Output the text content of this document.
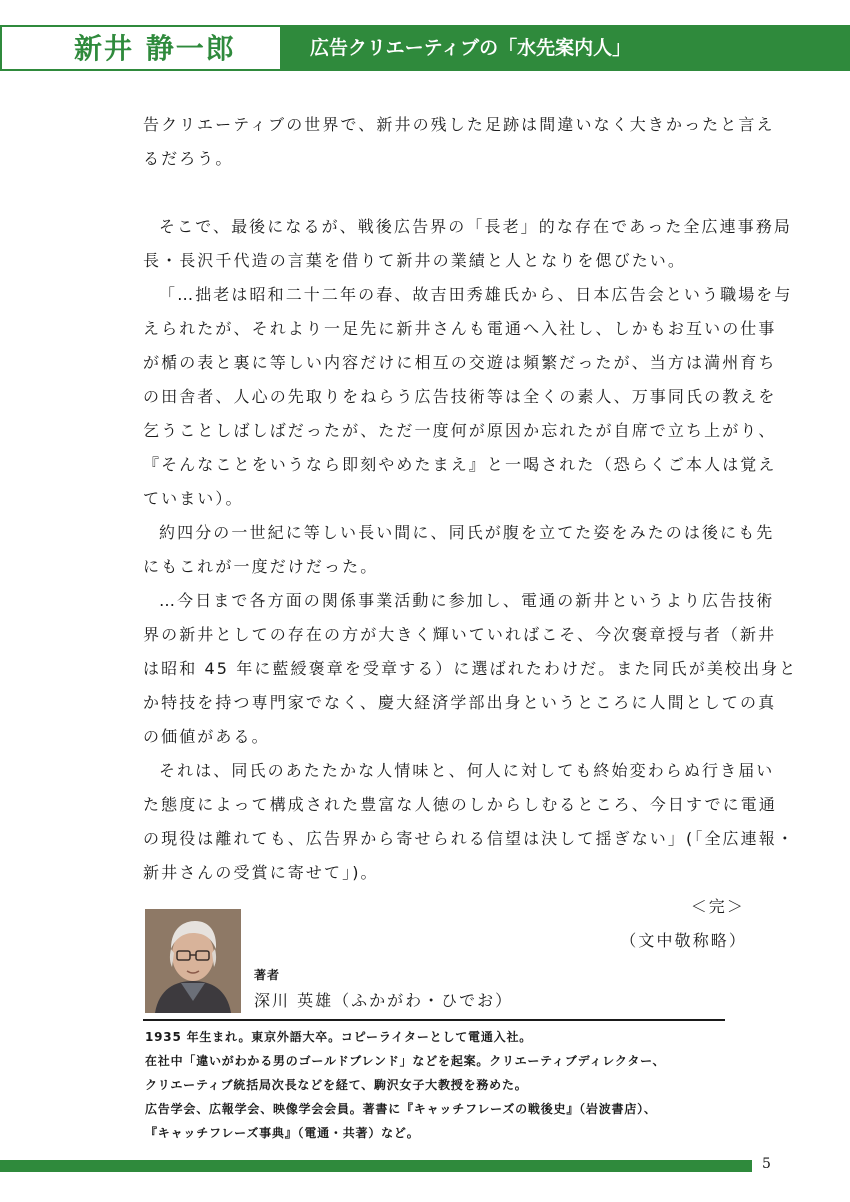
新井 静一郎	広告クリエーティブの「水先案内人」
告クリエーティブの世界で、新井の残した足跡は間違いなく大きかったと言え
るだろう。
そこで、最後になるが、戦後広告界の「長老」的な存在であった全広連事務局
長・長沢千代造の言葉を借りて新井の業績と人となりを偲びたい。
「…拙老は昭和二十二年の春、故吉田秀雄氏から、日本広告会という職場を与
えられたが、それより一足先に新井さんも電通へ入社し、しかもお互いの仕事
が楯の表と裏に等しい内容だけに相互の交遊は頻繁だったが、当方は満州育ち
の田舎者、人心の先取りをねらう広告技術等は全くの素人、万事同氏の教えを
乞うことしばしばだったが、ただ一度何が原因か忘れたが自席で立ち上がり、
『そんなことをいうなら即刻やめたまえ』と一喝された（恐らくご本人は覚え
ていまい）。
約四分の一世紀に等しい長い間に、同氏が腹を立てた姿をみたのは後にも先
にもこれが一度だけだった。
…今日まで各方面の関係事業活動に参加し、電通の新井というより広告技術
界の新井としての存在の方が大きく輝いていればこそ、今次褒章授与者（新井
は昭和 45 年に藍綬褒章を受章する）に選ばれたわけだ。また同氏が美校出身と
か特技を持つ専門家でなく、慶大経済学部出身というところに人間としての真
の価値がある。
それは、同氏のあたたかな人情味と、何人に対しても終始変わらぬ行き届い
た態度によって構成された豊富な人徳のしからしむるところ、今日すでに電通
の現役は離れても、広告界から寄せられる信望は決して揺ぎない」(「全広連報・
新井さんの受賞に寄せて」)。
＜完＞
（文中敬称略）
著者
深川 英雄（ふかがわ・ひでお）
1935 年生まれ。東京外語大卒。コピーライターとして電通入社。
在社中「違いがわかる男のゴールドブレンド」などを起案。クリエーティブディレクター、
クリエーティブ統括局次長などを経て、駒沢女子大教授を務めた。
広告学会、広報学会、映像学会会員。著書に『キャッチフレーズの戦後史』（岩波書店）、
『キャッチフレーズ事典』（電通・共著）など。
5
